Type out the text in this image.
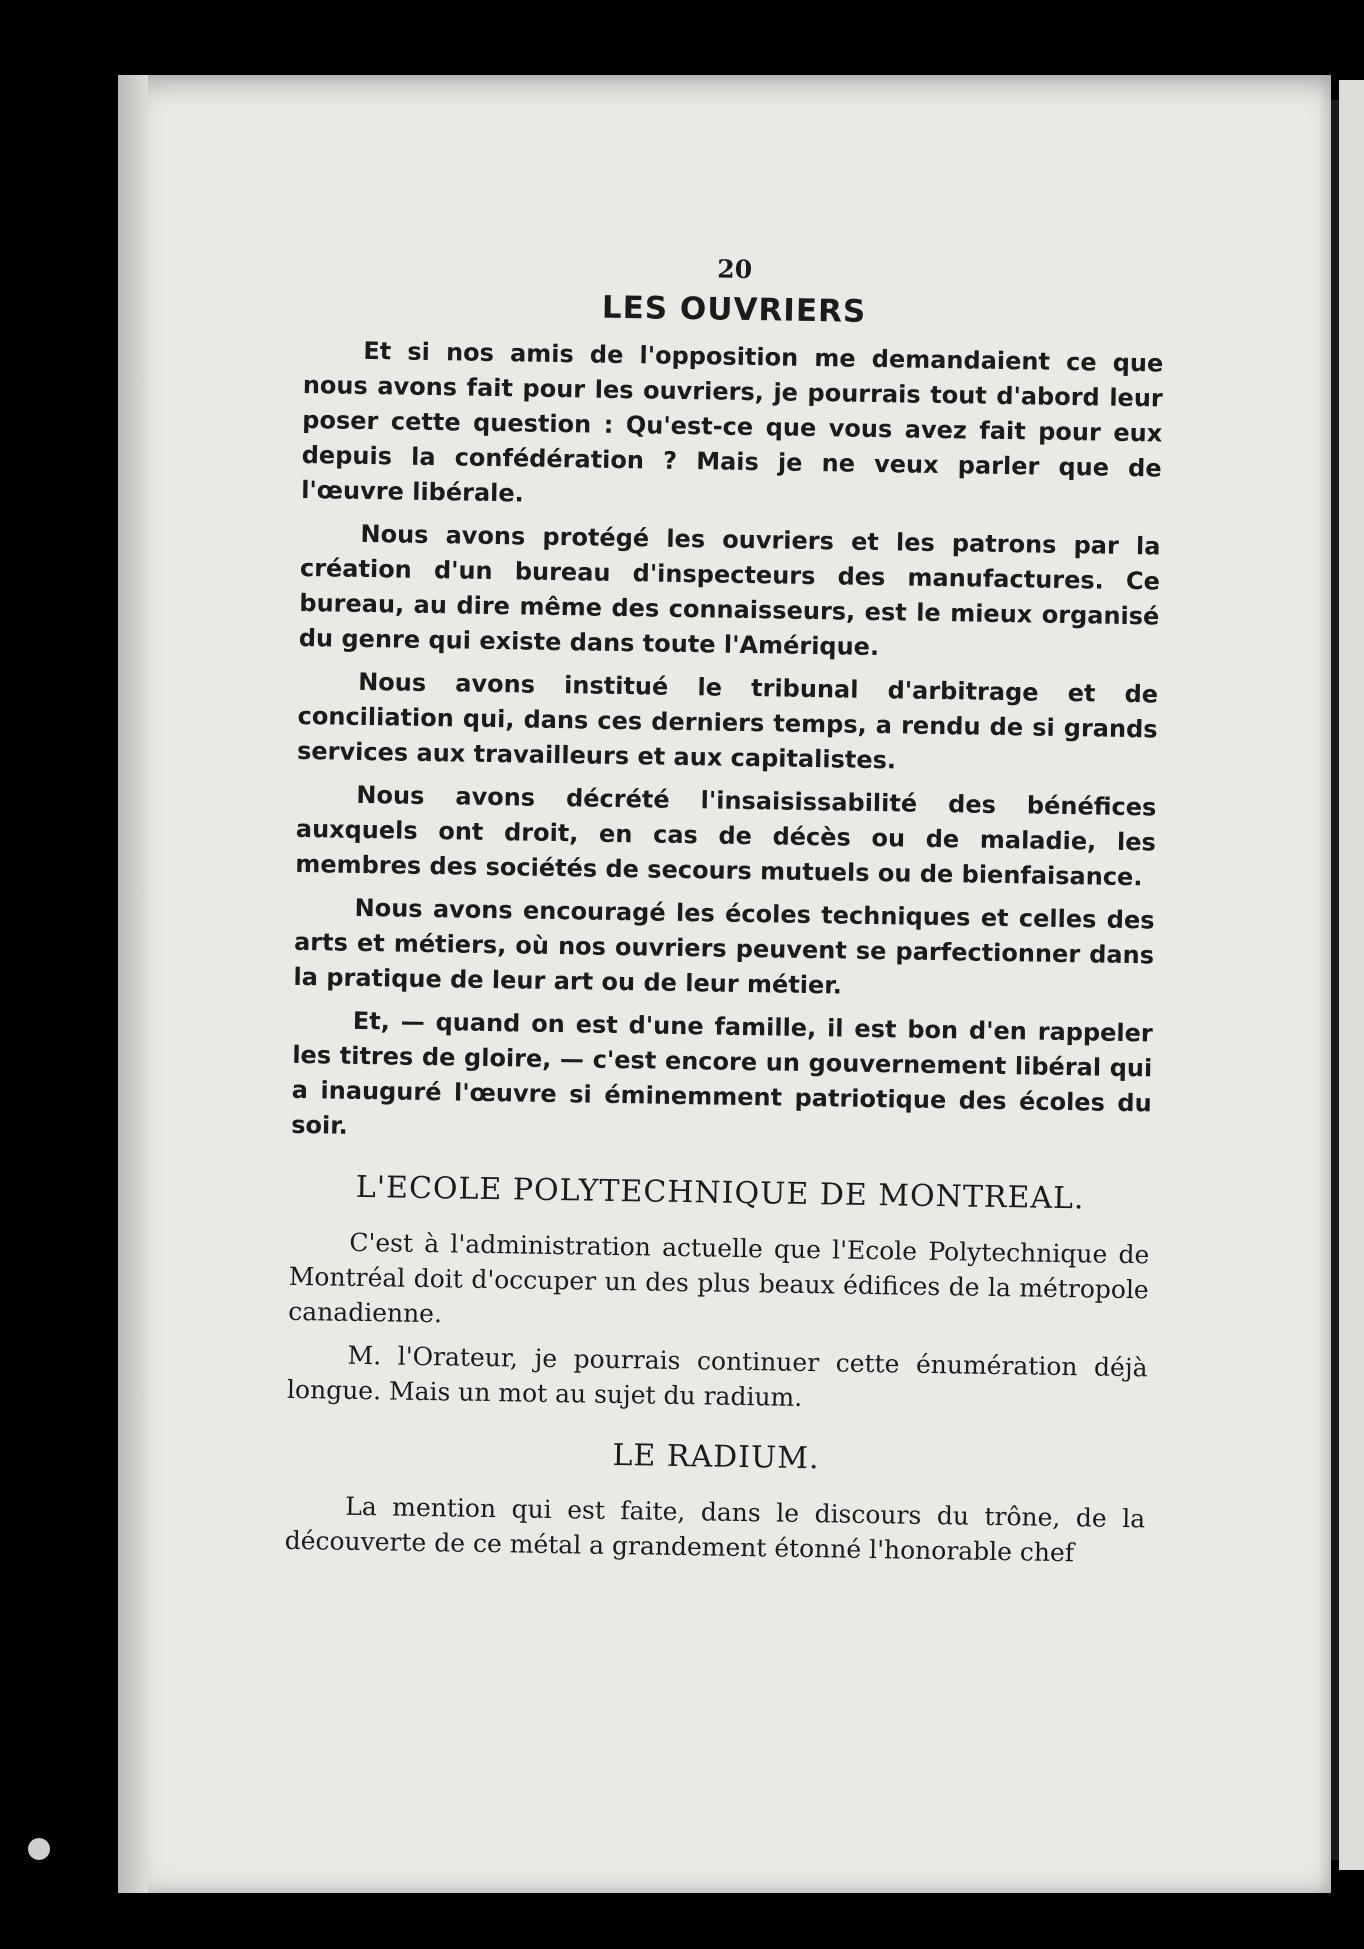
20
LES OUVRIERS

Et si nos amis de l'opposition me demandaient ce que nous avons fait pour les ouvriers, je pourrais tout d'abord leur poser cette question : Qu'est-ce que vous avez fait pour eux depuis la confédération ? Mais je ne veux parler que de l'œuvre libérale.

Nous avons protégé les ouvriers et les patrons par la création d'un bureau d'inspecteurs des manufactures. Ce bureau, au dire même des connaisseurs, est le mieux organisé du genre qui existe dans toute l'Amérique.

Nous avons institué le tribunal d'arbitrage et de conciliation qui, dans ces derniers temps, a rendu de si grands services aux travailleurs et aux capitalistes.

Nous avons décrété l'insaisissabilité des bénéfices auxquels ont droit, en cas de décès ou de maladie, les membres des sociétés de secours mutuels ou de bienfaisance.

Nous avons encouragé les écoles techniques et celles des arts et métiers, où nos ouvriers peuvent se parfectionner dans la pratique de leur art ou de leur métier.

Et, — quand on est d'une famille, il est bon d'en rappeler les titres de gloire, — c'est encore un gouvernement libéral qui a inauguré l'œuvre si éminemment patriotique des écoles du soir.

L'ECOLE POLYTECHNIQUE DE MONTREAL.

C'est à l'administration actuelle que l'Ecole Polytechnique de Montréal doit d'occuper un des plus beaux édifices de la métropole canadienne.

M. l'Orateur, je pourrais continuer cette énumération déjà longue. Mais un mot au sujet du radium.

LE RADIUM.

La mention qui est faite, dans le discours du trône, de la découverte de ce métal a grandement étonné l'honorable chef
